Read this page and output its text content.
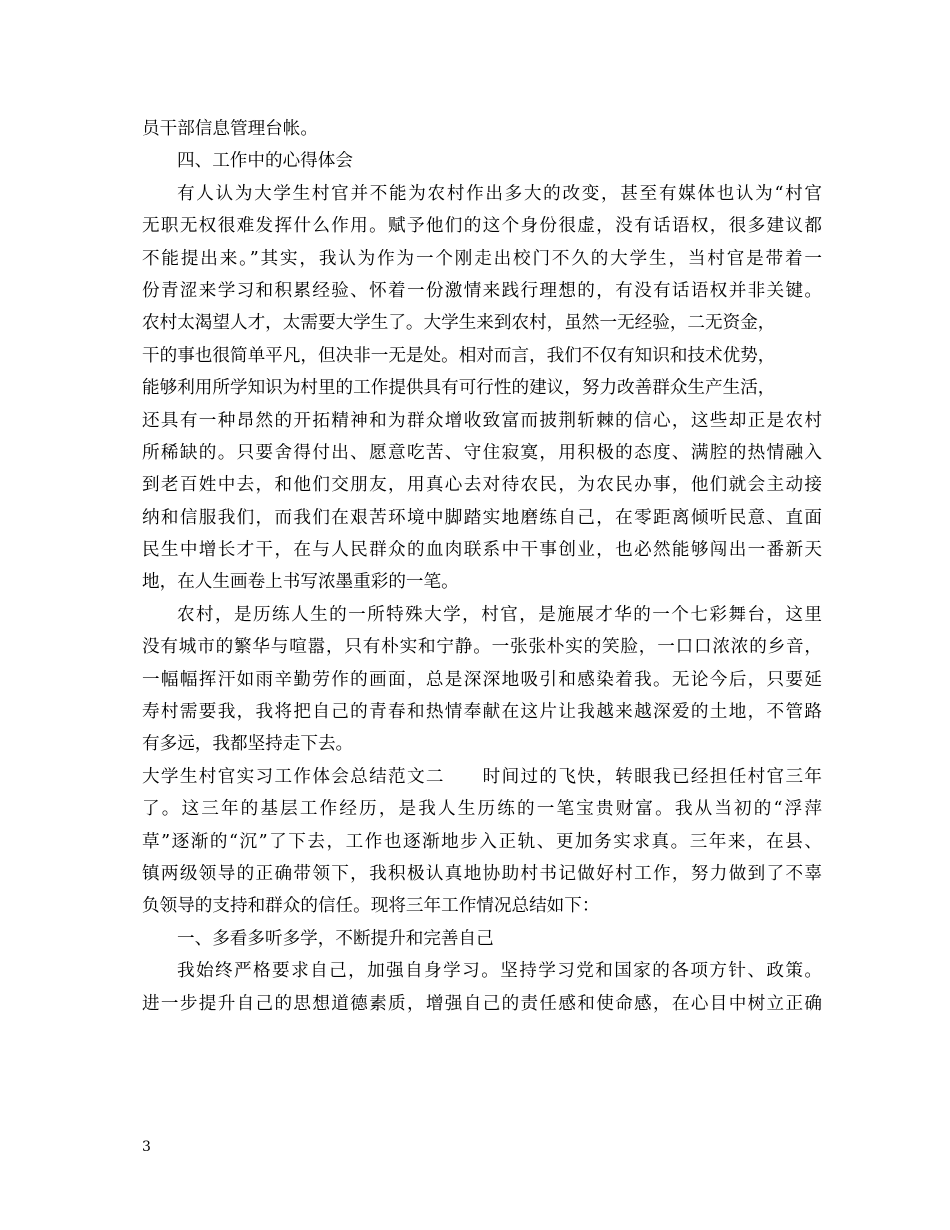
员干部信息管理台帐。
四、工作中的心得体会
有人认为大学生村官并不能为农村作出多大的改变，甚至有媒体也认为“村官
无职无权很难发挥什么作用。赋予他们的这个身份很虚，没有话语权，很多建议都
不能提出来。”其实，我认为作为一个刚走出校门不久的大学生，当村官是带着一
份青涩来学习和积累经验、怀着一份激情来践行理想的，有没有话语权并非关键。
农村太渴望人才，太需要大学生了。大学生来到农村，虽然一无经验，二无资金，
干的事也很简单平凡，但决非一无是处。相对而言，我们不仅有知识和技术优势，
能够利用所学知识为村里的工作提供具有可行性的建议，努力改善群众生产生活，
还具有一种昂然的开拓精神和为群众增收致富而披荆斩棘的信心，这些却正是农村
所稀缺的。只要舍得付出、愿意吃苦、守住寂寞，用积极的态度、满腔的热情融入
到老百姓中去，和他们交朋友，用真心去对待农民，为农民办事，他们就会主动接
纳和信服我们，而我们在艰苦环境中脚踏实地磨练自己，在零距离倾听民意、直面
民生中增长才干，在与人民群众的血肉联系中干事创业，也必然能够闯出一番新天
地，在人生画卷上书写浓墨重彩的一笔。
农村，是历练人生的一所特殊大学，村官，是施展才华的一个七彩舞台，这里
没有城市的繁华与喧嚣，只有朴实和宁静。一张张朴实的笑脸，一口口浓浓的乡音，
一幅幅挥汗如雨辛勤劳作的画面，总是深深地吸引和感染着我。无论今后，只要延
寿村需要我，我将把自己的青春和热情奉献在这片让我越来越深爱的土地，不管路
有多远，我都坚持走下去。
大学生村官实习工作体会总结范文二　　时间过的飞快，转眼我已经担任村官三年
了。这三年的基层工作经历，是我人生历练的一笔宝贵财富。我从当初的“浮萍
草”逐渐的“沉”了下去，工作也逐渐地步入正轨、更加务实求真。三年来，在县、
镇两级领导的正确带领下，我积极认真地协助村书记做好村工作，努力做到了不辜
负领导的支持和群众的信任。现将三年工作情况总结如下：
一、多看多听多学，不断提升和完善自己
我始终严格要求自己，加强自身学习。坚持学习党和国家的各项方针、政策。
进一步提升自己的思想道德素质，增强自己的责任感和使命感，在心目中树立正确
3
